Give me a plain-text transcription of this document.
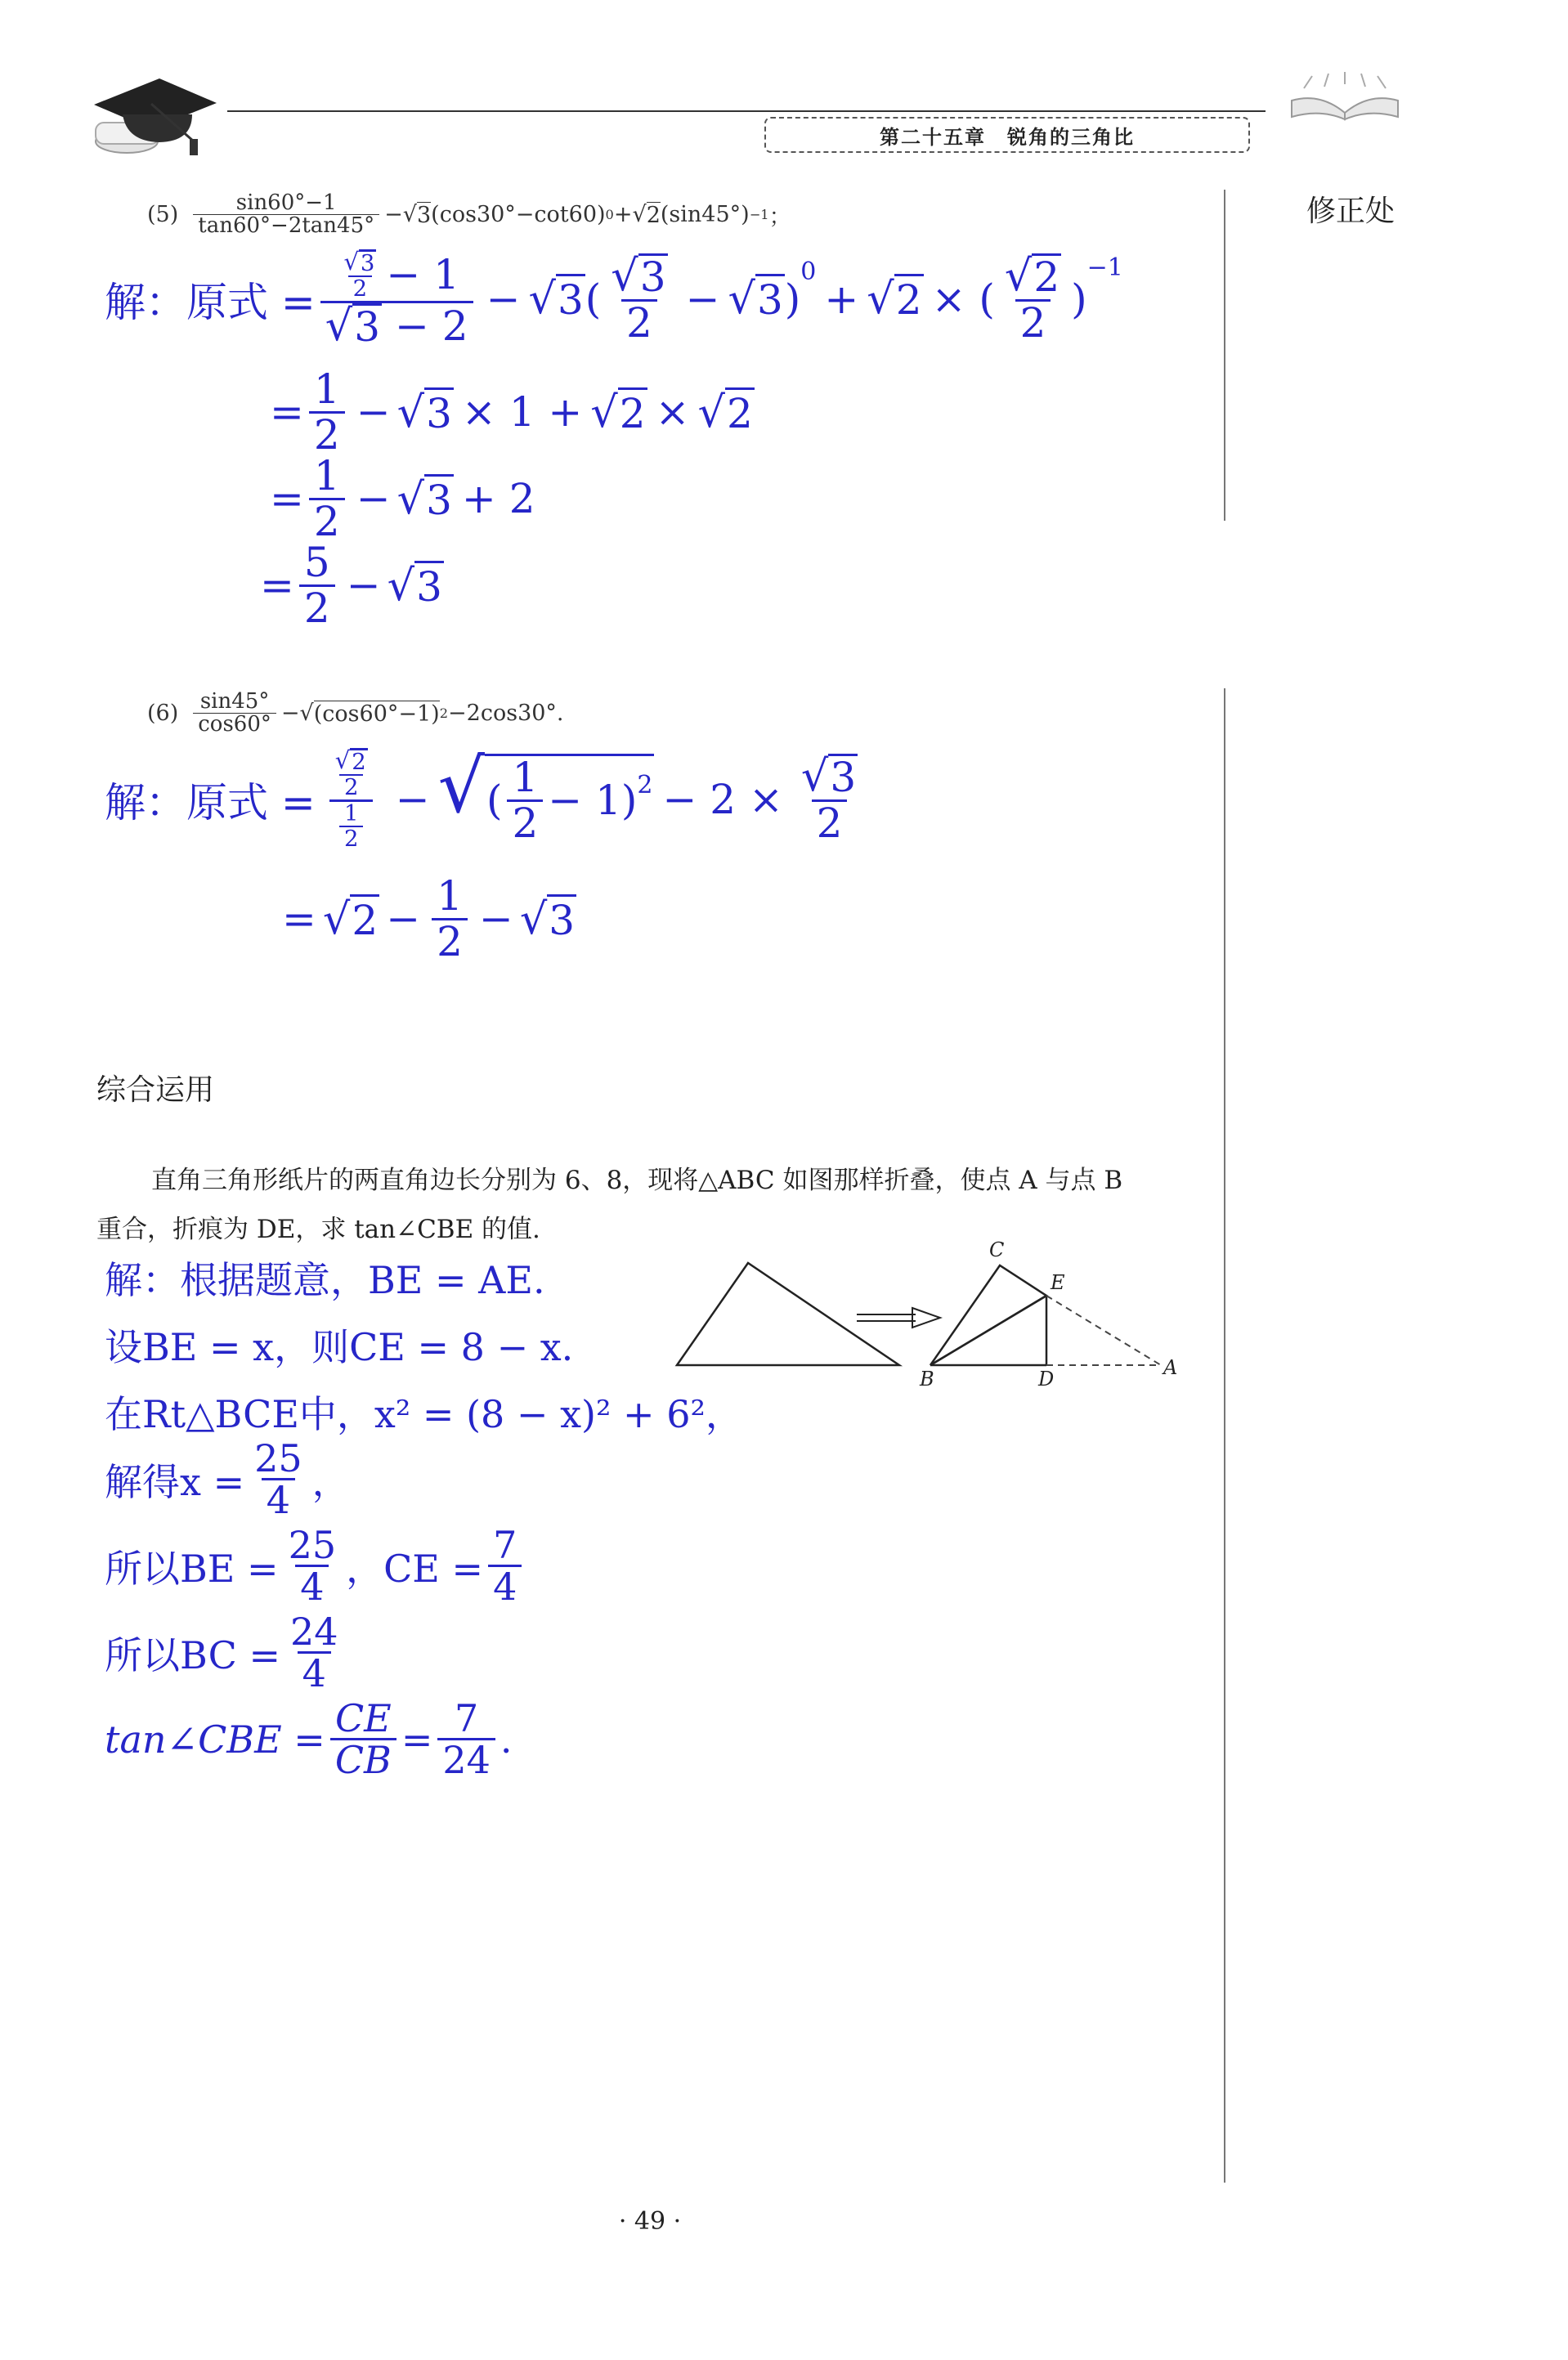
第二十五章　锐角的三角比
修正处
$(5) \frac{\sin 60^\circ-1}{\tan 60^\circ-2\tan 45^\circ}$ − √ 3 (cos30°−cot60) 0 + √ 2 (sin45°) −1 ；
解：原式 = $\frac{\frac{√ 3}{2} - 1}{√ 3 - 2}$ − √ 3 ( $\frac{√ 3}{2}$ − √ 3 )
$^0$
+ √ 2 × ( $\frac{√ 2}{2}$ )
$^{-1}$
= $\frac{1}{2}$ − √ 3 × 1 + √ 2 × √ 2
= $\frac{1}{2}$ − √ 3 + 2
= $\frac{5}{2}$ − √ 3
$(6) \frac{\sin 45^\circ}{\cos 60^\circ}$ − √ (cos60°−1) 2 −2cos30°.
解：原式 = $\frac{\frac{√ 2}{2}}{\frac{1}{2}}$ − √ ( $\frac{1}{2} - 1)^2 - 2 \times \frac{√ 3}{2}$
= √ $2 - \frac{1}{2}$ − √ 3
综合运用
直角三角形纸片的两直角边长分别为 6、8，现将△ABC 如图那样折叠，使点 A 与点 B
重合，折痕为 DE，求 tan∠CBE 的值.
C
E
B	D	A
解：根据题意，BE = AE.
设BE = x，则CE = 8 − x.
在Rt△BCE中，x² = (8 − x)² + 6²，
解得$x = \frac{25}{4}$ ，
所以BE = $\frac{25}{4}$ ，CE = $\frac{7}{4}$
所以BC = $\frac{24}{4}$
tan∠CBE = $\frac{CE}{CB} = \frac{7}{24}$ .
· 49 ·
